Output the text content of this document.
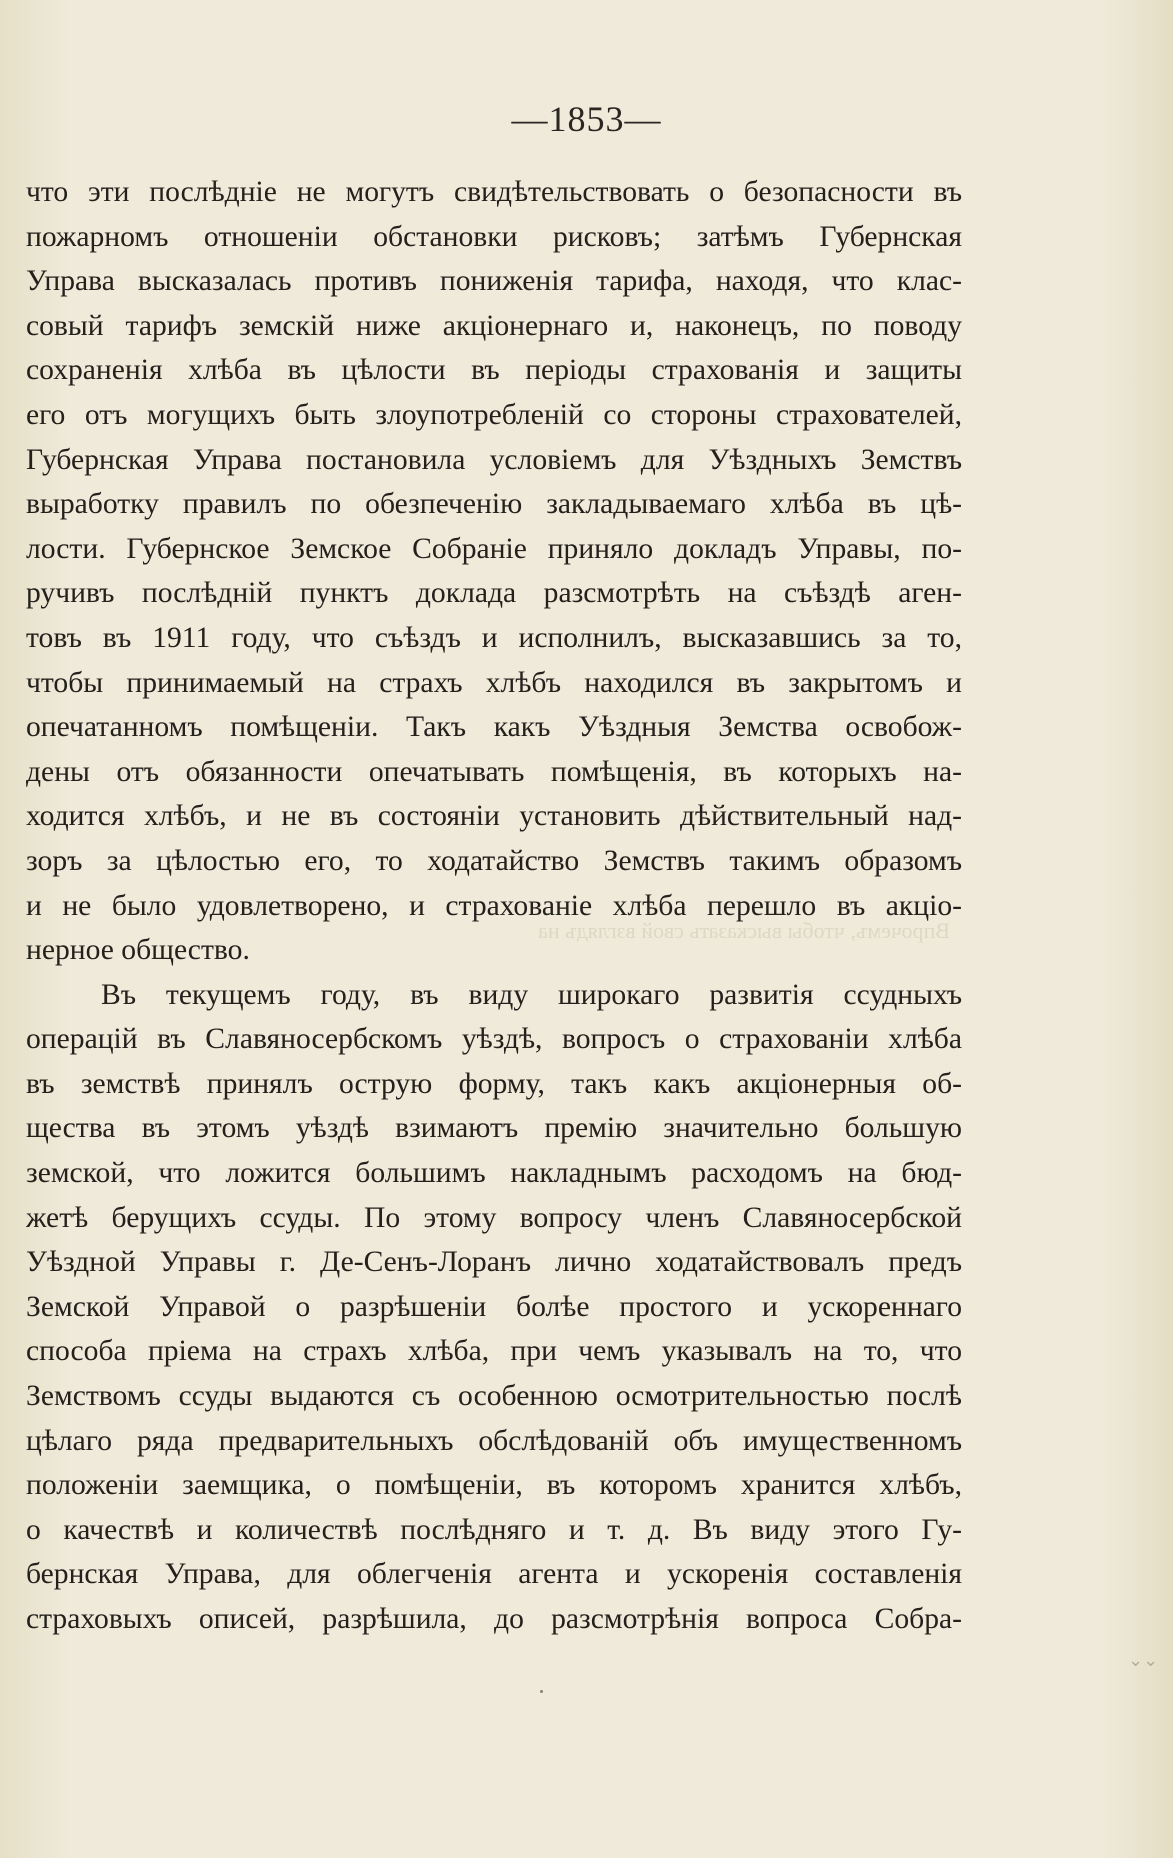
—1853—
Впрочемъ, чтобы высказать свой взглядъ на
что эти послѣднiе не могутъ свидѣтельствовать о безопасности въ
пожарномъ отношенiи обстановки рисковъ; затѣмъ Губернская
Управа высказалась противъ пониженiя тарифа, находя, что клас-
совый тарифъ земскiй ниже акцiонернаго и, наконецъ, по поводу
сохраненiя хлѣба въ цѣлости въ перiоды страхованiя и защиты
его отъ могущихъ быть злоупотребленiй со стороны страхователей,
Губернская Управа постановила условiемъ для Уѣздныхъ Земствъ
выработку правилъ по обезпеченiю закладываемаго хлѣба въ цѣ-
лости. Губернское Земское Собранiе приняло докладъ Управы, по-
ручивъ послѣднiй пунктъ доклада разсмотрѣть на съѣздѣ аген-
товъ въ 1911 году, что съѣздъ и исполнилъ, высказавшись за то,
чтобы принимаемый на страхъ хлѣбъ находился въ закрытомъ и
опечатанномъ помѣщенiи. Такъ какъ Уѣздныя Земства освобож-
дены отъ обязанности опечатывать помѣщенiя, въ которыхъ на-
ходится хлѣбъ, и не въ состоянiи установить дѣйствительный над-
зоръ за цѣлостью его, то ходатайство Земствъ такимъ образомъ
и не было удовлетворено, и страхованiе хлѣба перешло въ акцiо-
нерное общество.
Въ текущемъ году, въ виду широкаго развитiя ссудныхъ
операцiй въ Славяносербскомъ уѣздѣ, вопросъ о страхованiи хлѣба
въ земствѣ принялъ острую форму, такъ какъ акцiонерныя об-
щества въ этомъ уѣздѣ взимаютъ премiю значительно большую
земской, что ложится большимъ накладнымъ расходомъ на бюд-
жетѣ берущихъ ссуды. По этому вопросу членъ Славяносербской
Уѣздной Управы г. Де-Сенъ-Лоранъ лично ходатайствовалъ предъ
Земской Управой о разрѣшенiи болѣе простого и ускореннаго
способа прiема на страхъ хлѣба, при чемъ указывалъ на то, что
Земствомъ ссуды выдаются съ особенною осмотрительностью послѣ
цѣлаго ряда предварительныхъ обслѣдованiй объ имущественномъ
положенiи заемщика, о помѣщенiи, въ которомъ хранится хлѣбъ,
о качествѣ и количествѣ послѣдняго и т. д. Въ виду этого Гу-
бернская Управа, для облегченiя агента и ускоренiя составленiя
страховыхъ описей, разрѣшила, до разсмотрѣнiя вопроса Собра-
⌄⌄
